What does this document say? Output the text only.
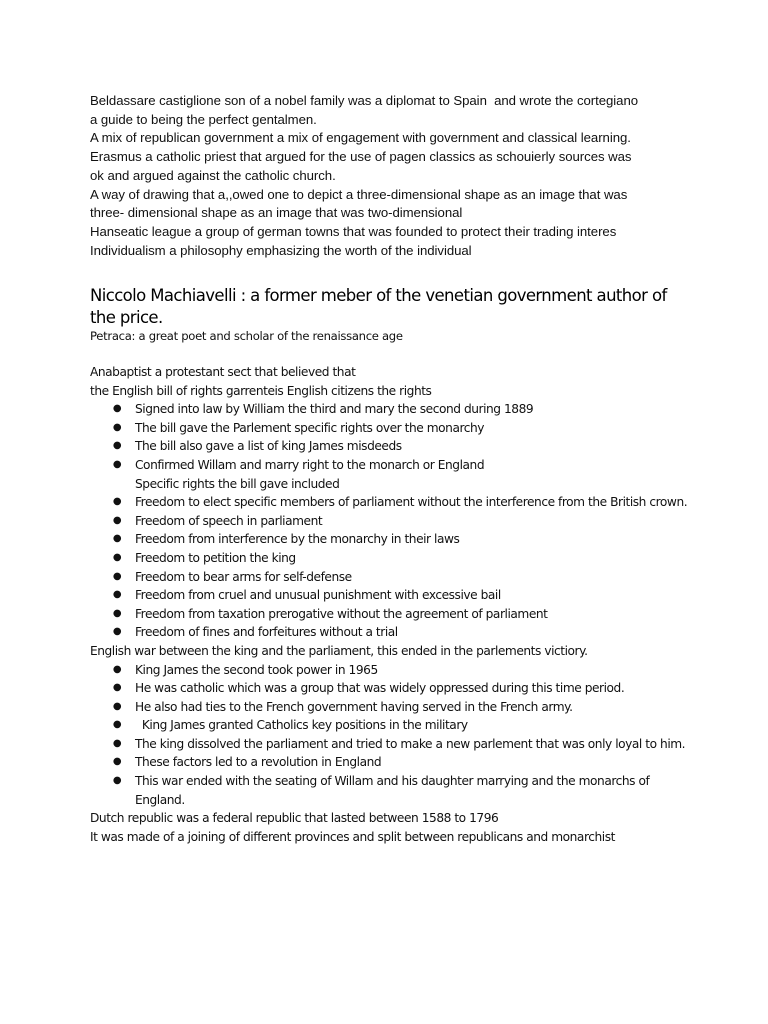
Beldassare castiglione son of a nobel family was a diplomat to Spain  and wrote the cortegiano
a guide to being the perfect gentalmen.
A mix of republican government a mix of engagement with government and classical learning.
Erasmus a catholic priest that argued for the use of pagen classics as schouierly sources was
ok and argued against the catholic church.
A way of drawing that a,,owed one to depict a three-dimensional shape as an image that was
three- dimensional shape as an image that was two-dimensional
Hanseatic league a group of german towns that was founded to protect their trading interes
Individualism a philosophy emphasizing the worth of the individual
Niccolo Machiavelli : a former meber of the venetian government author of the price.
Petraca: a great poet and scholar of the renaissance age
Anabaptist a protestant sect that believed that
the English bill of rights garrenteis English citizens the rights
● Signed into law by William the third and mary the second during 1889
● The bill gave the Parlement specific rights over the monarchy
● The bill also gave a list of king James misdeeds
● Confirmed Willam and marry right to the monarch or England
Specific rights the bill gave included
● Freedom to elect specific members of parliament without the interference from the British crown.
● Freedom of speech in parliament
● Freedom from interference by the monarchy in their laws
● Freedom to petition the king
● Freedom to bear arms for self-defense
● Freedom from cruel and unusual punishment with excessive bail
● Freedom from taxation prerogative without the agreement of parliament
● Freedom of fines and forfeitures without a trial
English war between the king and the parliament, this ended in the parlements victiory.
● King James the second took power in 1965
● He was catholic which was a group that was widely oppressed during this time period.
● He also had ties to the French government having served in the French army.
● King James granted Catholics key positions in the military
● The king dissolved the parliament and tried to make a new parlement that was only loyal to him.
● These factors led to a revolution in England
● This war ended with the seating of Willam and his daughter marrying and the monarchs of England.
Dutch republic was a federal republic that lasted between 1588 to 1796
It was made of a joining of different provinces and split between republicans and monarchist
